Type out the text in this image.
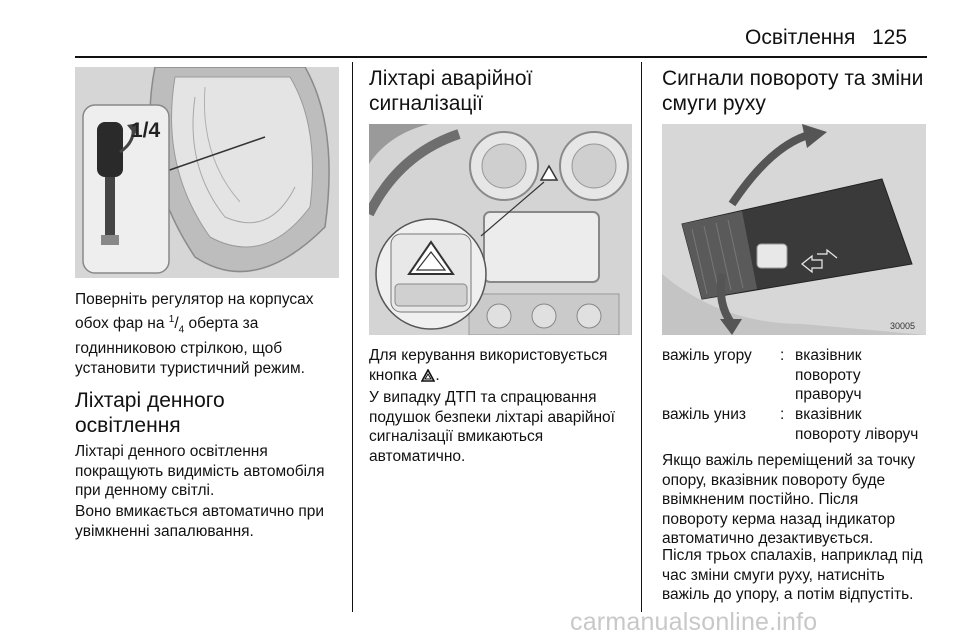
Освітлення 125
1/4
Поверніть регулятор на корпусах
обох фар на $^1/_4$ оберта за
годинниковою стрілкою, щоб
установити туристичний режим.
Ліхтарі денного
освітлення
Ліхтарі денного освітлення покращують видимість автомобіля при денному світлі.
Воно вмикається автоматично при увімкненні запалювання.
Ліхтарі аварійної
сигналізації
Для керування використовується
кнопка .
У випадку ДТП та спрацювання подушок безпеки ліхтарі аварійної сигналізації вмикаються автоматично.
Сигнали повороту та зміни
смуги руху
30005
важіль угору : вказівник повороту праворуч
важіль униз : вказівник повороту ліворуч
Якщо важіль переміщений за точку опору, вказівник повороту буде ввімкненим постійно. Після повороту керма назад індикатор автоматично дезактивується.
Після трьох спалахів, наприклад під час зміни смуги руху, натисніть важіль до упору, а потім відпустіть.
carmanualsonline.info
